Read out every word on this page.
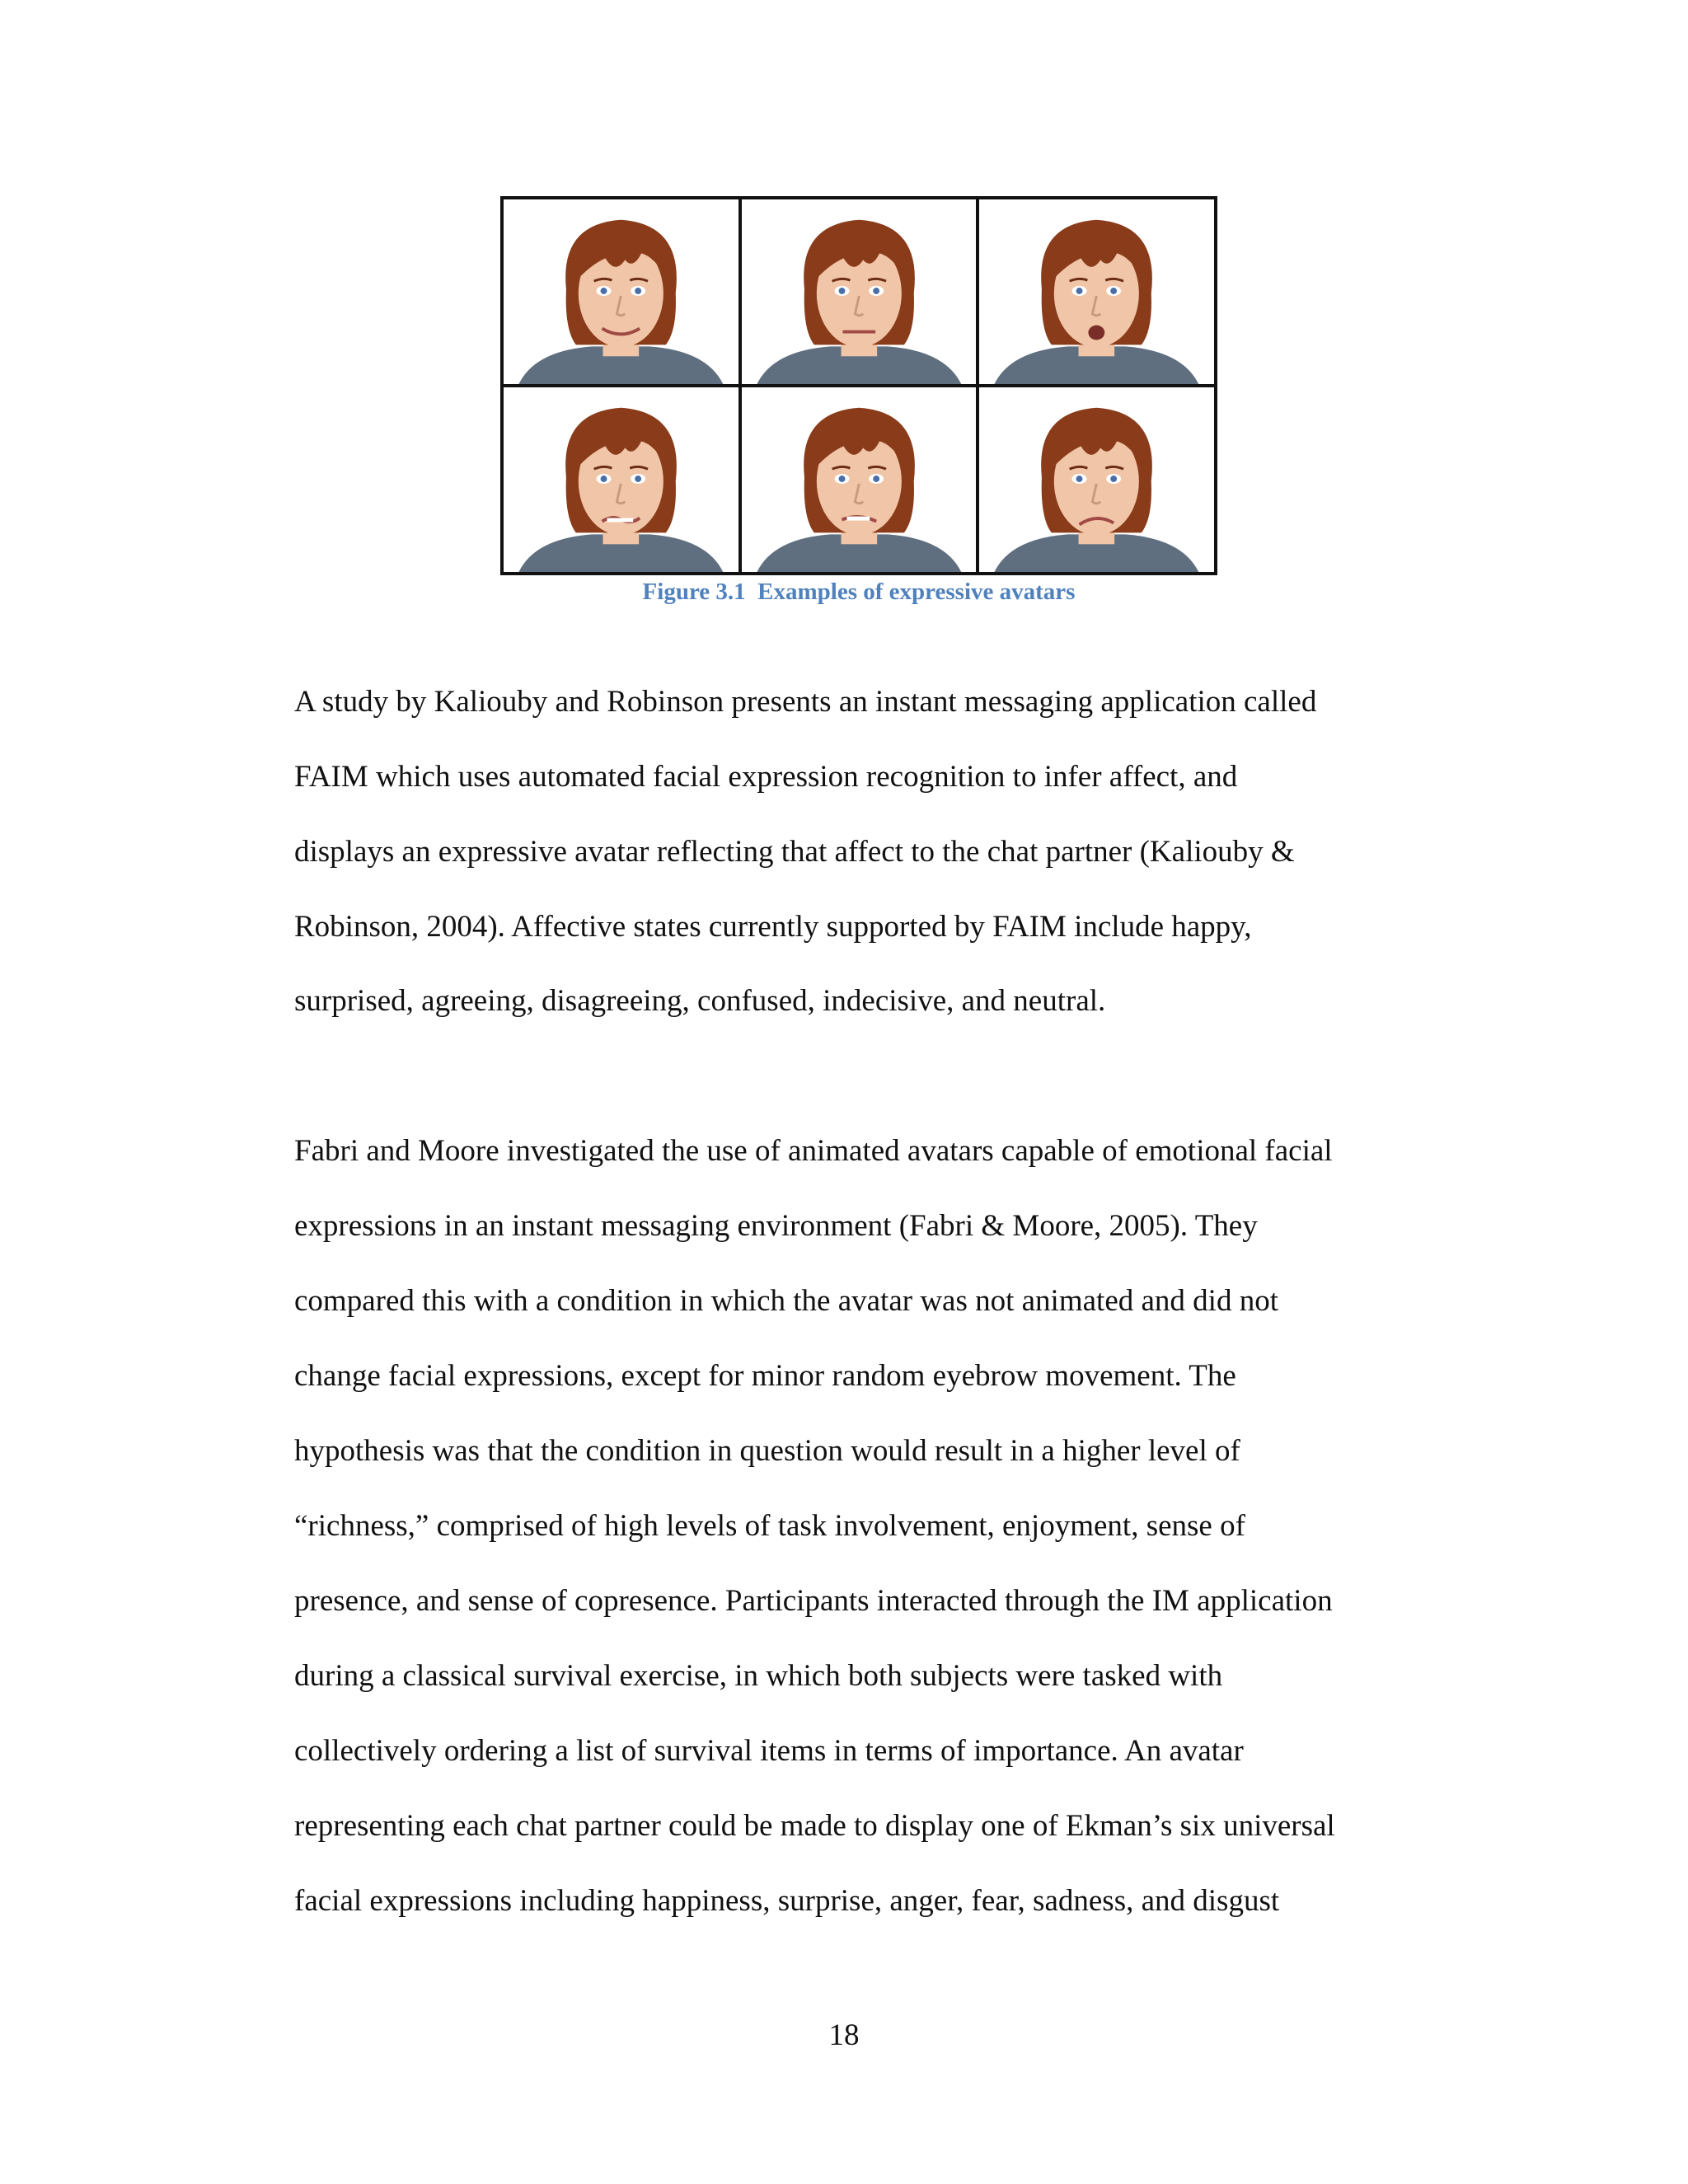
Figure 3.1  Examples of expressive avatars
A study by Kaliouby and Robinson presents an instant messaging application called
FAIM which uses automated facial expression recognition to infer affect, and
displays an expressive avatar reflecting that affect to the chat partner (Kaliouby &
Robinson, 2004). Affective states currently supported by FAIM include happy,
surprised, agreeing, disagreeing, confused, indecisive, and neutral.
Fabri and Moore investigated the use of animated avatars capable of emotional facial
expressions in an instant messaging environment (Fabri & Moore, 2005). They
compared this with a condition in which the avatar was not animated and did not
change facial expressions, except for minor random eyebrow movement. The
hypothesis was that the condition in question would result in a higher level of
“richness,” comprised of high levels of task involvement, enjoyment, sense of
presence, and sense of copresence. Participants interacted through the IM application
during a classical survival exercise, in which both subjects were tasked with
collectively ordering a list of survival items in terms of importance. An avatar
representing each chat partner could be made to display one of Ekman’s six universal
facial expressions including happiness, surprise, anger, fear, sadness, and disgust
18
